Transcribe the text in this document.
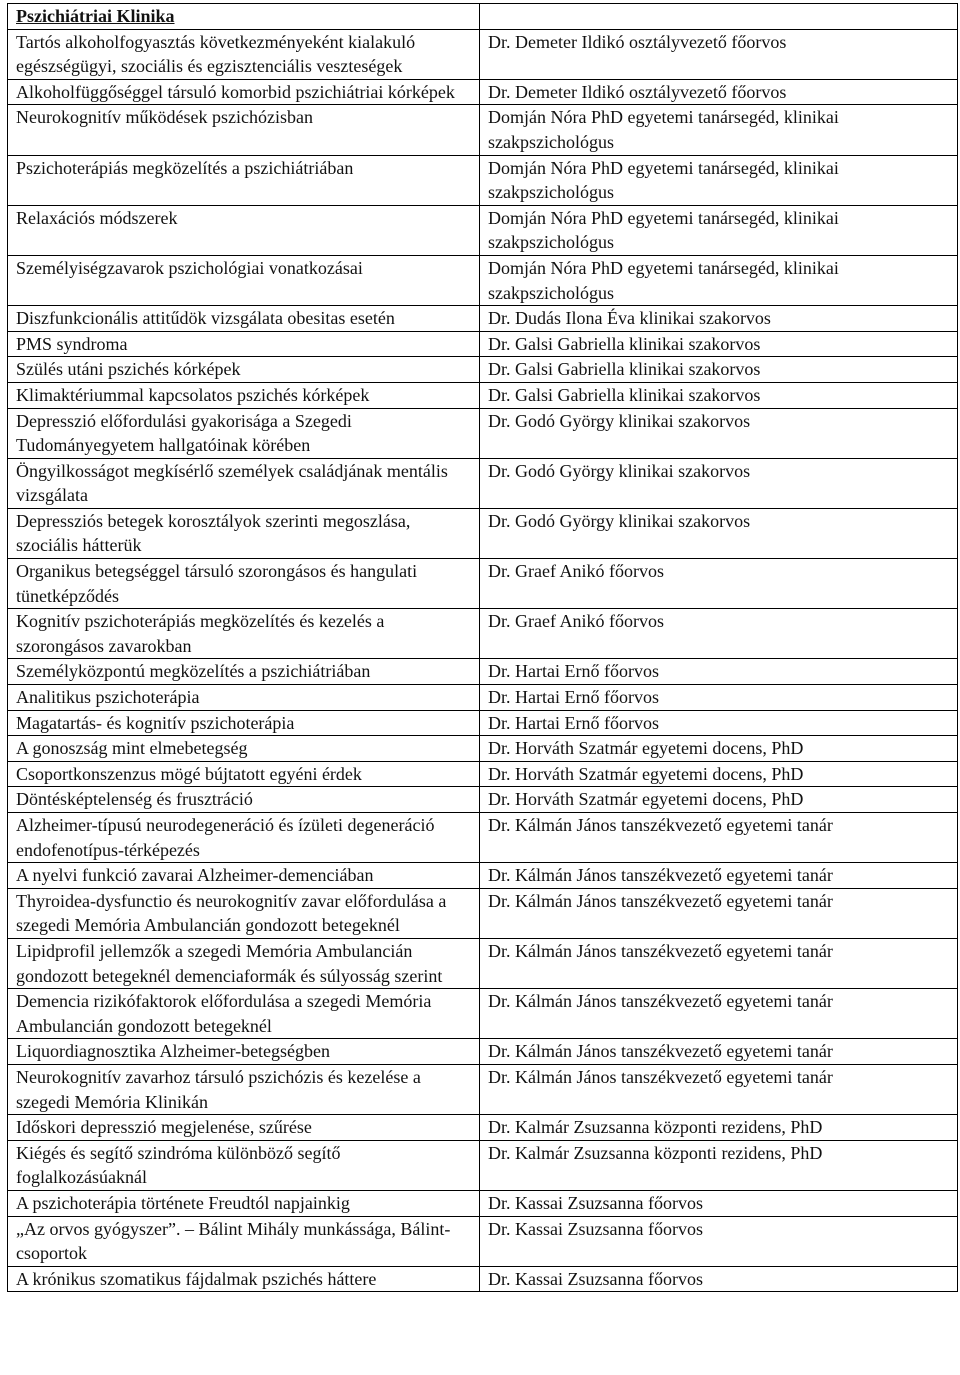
Pszichiátriai Klinika	
Tartós alkoholfogyasztás következményeként kialakuló egészségügyi, szociális és egzisztenciális veszteségek	Dr. Demeter Ildikó osztályvezető főorvos
Alkoholfüggőséggel társuló komorbid pszichiátriai kórképek	Dr. Demeter Ildikó osztályvezető főorvos
Neurokognitív működések pszichózisban	Domján Nóra PhD egyetemi tanársegéd, klinikai szakpszichológus
Pszichoterápiás megközelítés a pszichiátriában	Domján Nóra PhD egyetemi tanársegéd, klinikai szakpszichológus
Relaxációs módszerek	Domján Nóra PhD egyetemi tanársegéd, klinikai szakpszichológus
Személyiségzavarok pszichológiai vonatkozásai	Domján Nóra PhD egyetemi tanársegéd, klinikai szakpszichológus
Diszfunkcionális attitűdök vizsgálata obesitas esetén	Dr. Dudás Ilona Éva klinikai szakorvos
PMS syndroma	Dr. Galsi Gabriella klinikai szakorvos
Szülés utáni pszichés kórképek	Dr. Galsi Gabriella klinikai szakorvos
Klimaktériummal kapcsolatos pszichés kórképek	Dr. Galsi Gabriella klinikai szakorvos
Depresszió előfordulási gyakorisága a Szegedi Tudományegyetem hallgatóinak körében	Dr. Godó György klinikai szakorvos
Öngyilkosságot megkísérlő személyek családjának mentális vizsgálata	Dr. Godó György klinikai szakorvos
Depressziós betegek korosztályok szerinti megoszlása, szociális hátterük	Dr. Godó György klinikai szakorvos
Organikus betegséggel társuló szorongásos és hangulati tünetképződés	Dr. Graef Anikó főorvos
Kognitív pszichoterápiás megközelítés és kezelés a szorongásos zavarokban	Dr. Graef Anikó főorvos
Személyközpontú megközelítés a pszichiátriában	Dr. Hartai Ernő főorvos
Analitikus pszichoterápia	Dr. Hartai Ernő főorvos
Magatartás- és kognitív pszichoterápia	Dr. Hartai Ernő főorvos
A gonoszság mint elmebetegség	Dr. Horváth Szatmár egyetemi docens, PhD
Csoportkonszenzus mögé bújtatott egyéni érdek	Dr. Horváth Szatmár egyetemi docens, PhD
Döntésképtelenség és frusztráció	Dr. Horváth Szatmár egyetemi docens, PhD
Alzheimer-típusú neurodegeneráció és ízületi degeneráció endofenotípus-térképezés	Dr. Kálmán János tanszékvezető egyetemi tanár
A nyelvi funkció zavarai Alzheimer-demenciában	Dr. Kálmán János tanszékvezető egyetemi tanár
Thyroidea-dysfunctio és neurokognitív zavar előfordulása a szegedi Memória Ambulancián gondozott betegeknél	Dr. Kálmán János tanszékvezető egyetemi tanár
Lipidprofil jellemzők a szegedi Memória Ambulancián gondozott betegeknél demenciaformák és súlyosság szerint	Dr. Kálmán János tanszékvezető egyetemi tanár
Demencia rizikófaktorok előfordulása a szegedi Memória Ambulancián gondozott betegeknél	Dr. Kálmán János tanszékvezető egyetemi tanár
Liquordiagnosztika Alzheimer-betegségben	Dr. Kálmán János tanszékvezető egyetemi tanár
Neurokognitív zavarhoz társuló pszichózis és kezelése a szegedi Memória Klinikán	Dr. Kálmán János tanszékvezető egyetemi tanár
Időskori depresszió megjelenése, szűrése	Dr. Kalmár Zsuzsanna központi rezidens, PhD
Kiégés és segítő szindróma különböző segítő foglalkozásúaknál	Dr. Kalmár Zsuzsanna központi rezidens, PhD
A pszichoterápia története Freudtól napjainkig	Dr. Kassai Zsuzsanna főorvos
„Az orvos gyógyszer”. – Bálint Mihály munkássága, Bálint-csoportok	Dr. Kassai Zsuzsanna főorvos
A krónikus szomatikus fájdalmak pszichés háttere	Dr. Kassai Zsuzsanna főorvos
